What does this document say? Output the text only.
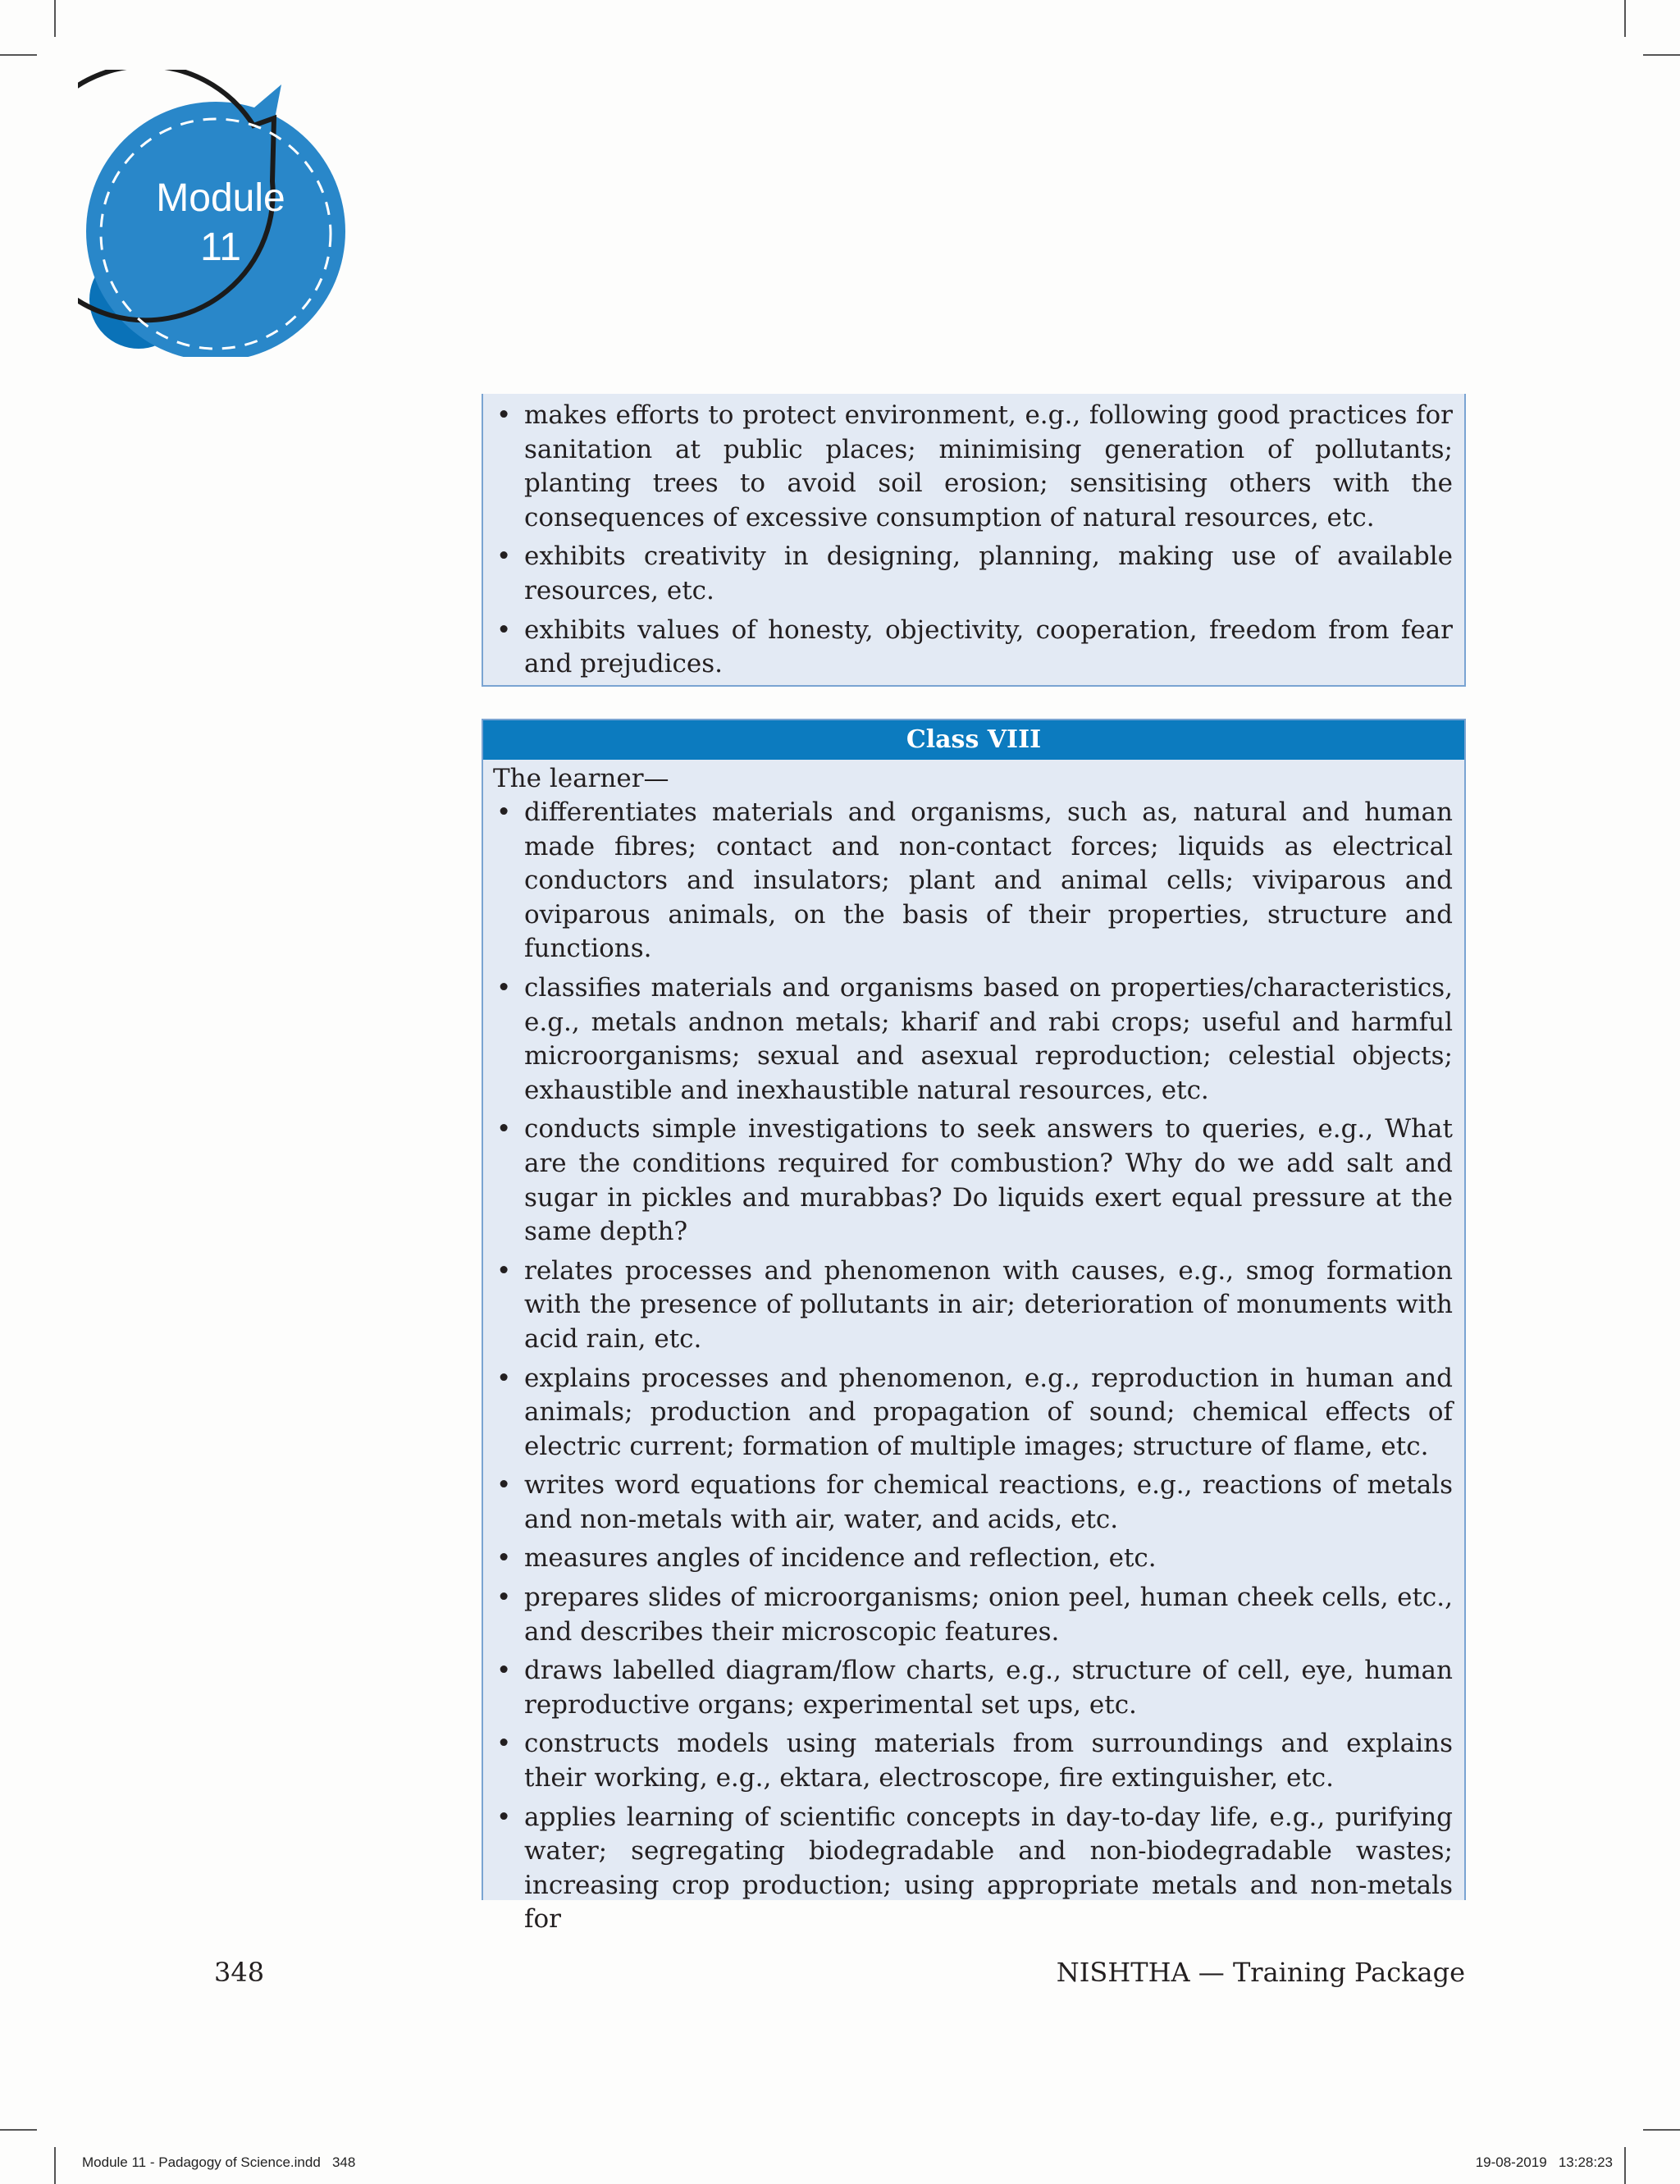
Module
11
• makes efforts to protect environment, e.g., following good practices for sanitation at public places; minimising generation of pollutants; planting trees to avoid soil erosion; sensitising others with the consequences of excessive consumption of natural resources, etc.
• exhibits creativity in designing, planning, making use of available resources, etc.
• exhibits values of honesty, objectivity, cooperation, freedom from fear and prejudices.
Class VIII
The learner—
• differentiates materials and organisms, such as, natural and human made fibres; contact and non-contact forces; liquids as electrical conductors and insulators; plant and animal cells; viviparous and oviparous animals, on the basis of their properties, structure and functions.
• classifies materials and organisms based on properties/characteristics, e.g., metals andnon metals; kharif and rabi crops; useful and harmful microorganisms; sexual and asexual reproduction; celestial objects; exhaustible and inexhaustible natural resources, etc.
• conducts simple investigations to seek answers to queries, e.g., What are the conditions required for combustion? Why do we add salt and sugar in pickles and murabbas? Do liquids exert equal pressure at the same depth?
• relates processes and phenomenon with causes, e.g., smog formation with the presence of pollutants in air; deterioration of monuments with acid rain, etc.
• explains processes and phenomenon, e.g., reproduction in human and animals; production and propagation of sound; chemical effects of electric current; formation of multiple images; structure of flame, etc.
• writes word equations for chemical reactions, e.g., reactions of metals and non-metals with air, water, and acids, etc.
• measures angles of incidence and reflection, etc.
• prepares slides of microorganisms; onion peel, human cheek cells, etc., and describes their microscopic features.
• draws labelled diagram/flow charts, e.g., structure of cell, eye, human reproductive organs; experimental set ups, etc.
• constructs models using materials from surroundings and explains their working, e.g., ektara, electroscope, fire extinguisher, etc.
• applies learning of scientific concepts in day-to-day life, e.g., purifying water; segregating biodegradable and non-biodegradable wastes; increasing crop production; using appropriate metals and non-metals for
348	NISHTHA — Training Package
Module 11 - Padagogy of Science.indd   348	19-08-2019   13:28:23
